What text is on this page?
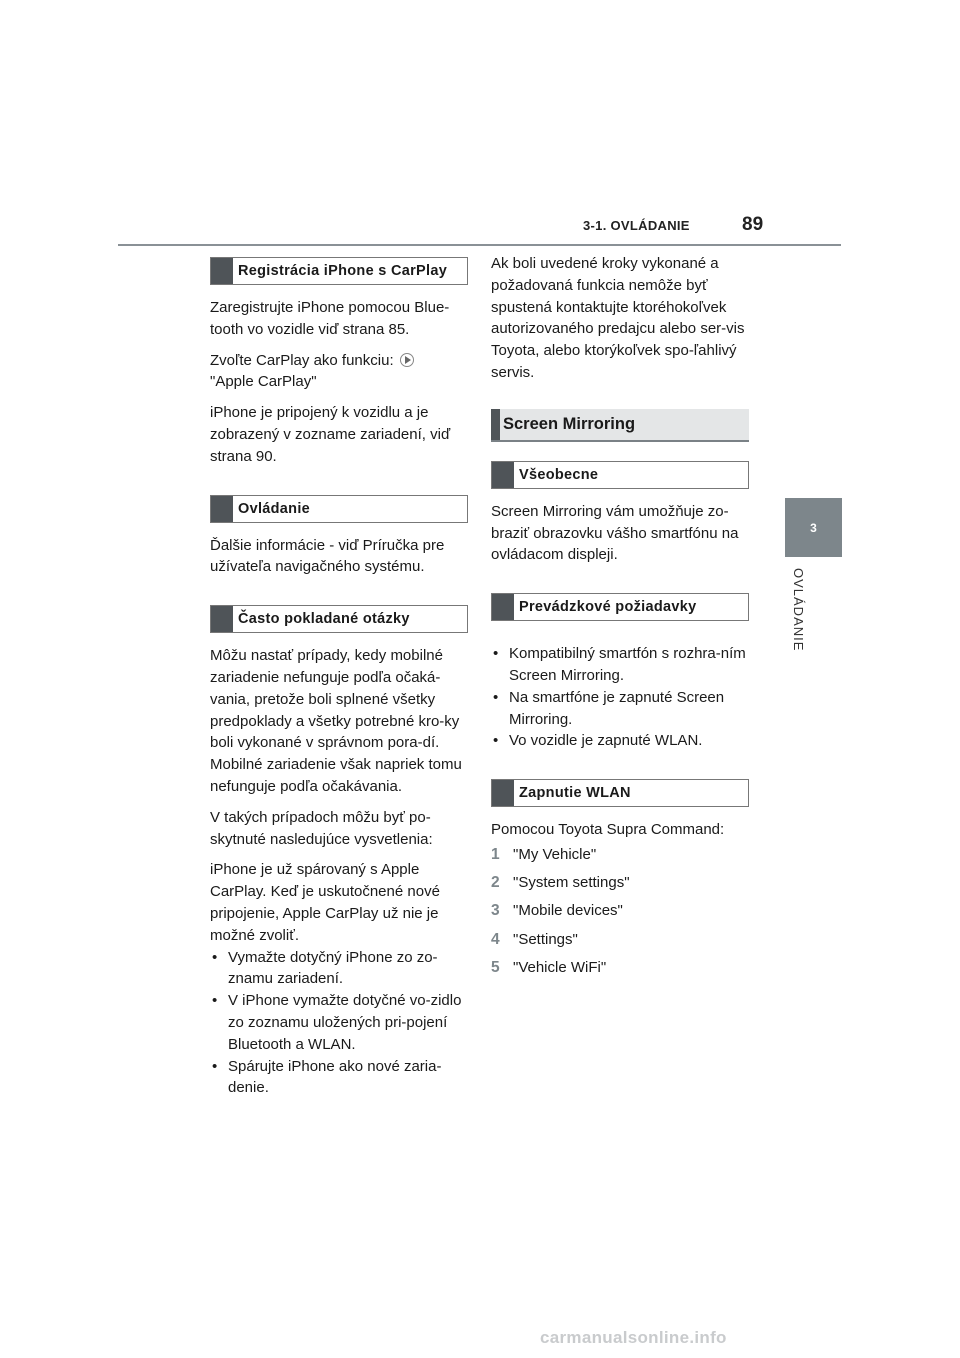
3-1. OVLÁDANIE	89
3
OVLÁDANIE
Registrácia iPhone s CarPlay

Zaregistrujte iPhone pomocou Blue-tooth vo vozidle viď strana 85.

Zvoľte CarPlay ako funkciu:
"Apple CarPlay"

iPhone je pripojený k vozidlu a je zobrazený v zozname zariadení, viď strana 90.

Ovládanie

Ďalšie informácie - viď Príručka pre užívateľa navigačného systému.

Často pokladané otázky

Môžu nastať prípady, kedy mobilné zariadenie nefunguje podľa očaká-vania, pretože boli splnené všetky predpoklady a všetky potrebné kro-ky boli vykonané v správnom pora-dí. Mobilné zariadenie však napriek tomu nefunguje podľa očakávania.

V takých prípadoch môžu byť po-skytnuté nasledujúce vysvetlenia:

iPhone je už spárovaný s Apple CarPlay. Keď je uskutočnené nové pripojenie, Apple CarPlay už nie je možné zvoliť.

• Vymažte dotyčný iPhone zo zo-znamu zariadení.
• V iPhone vymažte dotyčné vo-zidlo zo zoznamu uložených pri-pojení Bluetooth a WLAN.
• Spárujte iPhone ako nové zaria-denie.

Ak boli uvedené kroky vykonané a požadovaná funkcia nemôže byť spustená kontaktujte ktoréhokoľvek autorizovaného predajcu alebo ser-vis Toyota, alebo ktorýkoľvek spo-ľahlivý servis.

Screen Mirroring
Všeobecne

Screen Mirroring vám umožňuje zo-braziť obrazovku vášho smartfónu na ovládacom displeji.

Prevádzkové požiadavky
• Kompatibilný smartfón s rozhra-ním Screen Mirroring.
• Na smartfóne je zapnuté Screen Mirroring.
• Vo vozidle je zapnuté WLAN.
Zapnutie WLAN

Pomocou Toyota Supra Command:

1 "My Vehicle"
2 "System settings"
3 "Mobile devices"
4 "Settings"
5 "Vehicle WiFi"
carmanualsonline.info
